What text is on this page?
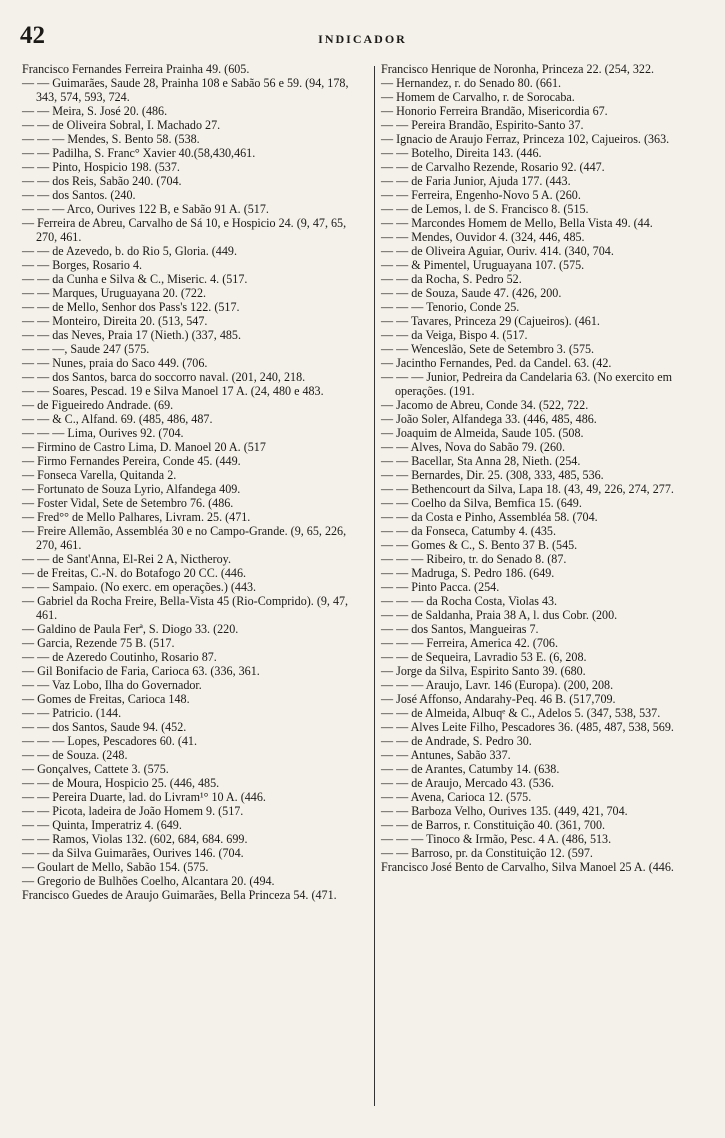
42	INDICADOR
Francisco Fernandes Ferreira Prainha 49. (605.
— — Guimarães, Saude 28, Prainha 108 e Sabão 56 e 59. (94, 178, 343, 574, 593, 724.
— — Meira, S. José 20. (486.
— — de Oliveira Sobral, I. Machado 27.
— — — Mendes, S. Bento 58. (538.
— — Padilha, S. Franc° Xavier 40.(58,430,461.
— — Pinto, Hospicio 198. (537.
— — dos Reis, Sabão 240. (704.
— — dos Santos. (240.
— — — Arco, Ourives 122 B, e Sabão 91 A. (517.
— Ferreira de Abreu, Carvalho de Sá 10, e Hospicio 24. (9, 47, 65, 270, 461.
— — de Azevedo, b. do Rio 5, Gloria. (449.
— — Borges, Rosario 4.
— — da Cunha e Silva & C., Miseric. 4. (517.
— — Marques, Uruguayana 20. (722.
— — de Mello, Senhor dos Pass's 122. (517.
— — Monteiro, Direita 20. (513, 547.
— — das Neves, Praia 17 (Nieth.) (337, 485.
— — —, Saude 247 (575.
— — Nunes, praia do Saco 449. (706.
— — dos Santos, barca do soccorro naval. (201, 240, 218.
— — Soares, Pescad. 19 e Silva Manoel 17 A. (24, 480 e 483.
— de Figueiredo Andrade. (69.
— — & C., Alfand. 69. (485, 486, 487.
— — — Lima, Ourives 92. (704.
— Firmino de Castro Lima, D. Manoel 20 A. (517
— Firmo Fernandes Pereira, Conde 45. (449.
— Fonseca Varella, Quitanda 2.
— Fortunato de Souza Lyrio, Alfandega 409.
— Foster Vidal, Sete de Setembro 76. (486.
— Fred°° de Mello Palhares, Livram. 25. (471.
— Freire Allemão, Assembléa 30 e no Campo-Grande. (9, 65, 226, 270, 461.
— — de Sant'Anna, El-Rei 2 A, Nictheroy.
— de Freitas, C.-N. do Botafogo 20 CC. (446.
— — Sampaio. (No exerc. em operações.) (443.
— Gabriel da Rocha Freire, Bella-Vista 45 (Rio-Comprido). (9, 47, 461.
— Galdino de Paula Ferª, S. Diogo 33. (220.
— Garcia, Rezende 75 B. (517.
— — de Azeredo Coutinho, Rosario 87.
— Gil Bonifacio de Faria, Carioca 63. (336, 361.
— — Vaz Lobo, Ilha do Governador.
— Gomes de Freitas, Carioca 148.
— — Patricio. (144.
— — dos Santos, Saude 94. (452.
— — — Lopes, Pescadores 60. (41.
— — de Souza. (248.
— Gonçalves, Cattete 3. (575.
— — de Moura, Hospicio 25. (446, 485.
— — Pereira Duarte, lad. do Livram¹° 10 A. (446.
— — Picota, ladeira de João Homem 9. (517.
— — Quinta, Imperatriz 4. (649.
— — Ramos, Violas 132. (602, 684, 684. 699.
— — da Silva Guimarães, Ourives 146. (704.
— Goulart de Mello, Sabão 154. (575.
— Gregorio de Bulhões Coelho, Alcantara 20. (494.
Francisco Guedes de Araujo Guimarães, Bella Princeza 54. (471.
Francisco Henrique de Noronha, Princeza 22. (254, 322.
— Hernandez, r. do Senado 80. (661.
— Homem de Carvalho, r. de Sorocaba.
— Honorio Ferreira Brandão, Misericordia 67.
— — Pereira Brandão, Espirito-Santo 37.
— Ignacio de Araujo Ferraz, Princeza 102, Cajueiros. (363.
— — Botelho, Direita 143. (446.
— — de Carvalho Rezende, Rosario 92. (447.
— — de Faria Junior, Ajuda 177. (443.
— — Ferreira, Engenho-Novo 5 A. (260.
— — de Lemos, l. de S. Francisco 8. (515.
— — Marcondes Homem de Mello, Bella Vista 49. (44.
— — Mendes, Ouvidor 4. (324, 446, 485.
— — de Oliveira Aguiar, Ouriv. 414. (340, 704.
— — & Pimentel, Uruguayana 107. (575.
— — da Rocha, S. Pedro 52.
— — de Souza, Saude 47. (426, 200.
— — — Tenorio, Conde 25.
— — Tavares, Princeza 29 (Cajueiros). (461.
— — da Veiga, Bispo 4. (517.
— — Wenceslão, Sete de Setembro 3. (575.
— Jacintho Fernandes, Ped. da Candel. 63. (42.
— — — Junior, Pedreira da Candelaria 63. (No exercito em operações. (191.
— Jacomo de Abreu, Conde 34. (522, 722.
— João Soler, Alfandega 33. (446, 485, 486.
— Joaquim de Almeida, Saude 105. (508.
— — Alves, Nova do Sabão 79. (260.
— — Bacellar, Sta Anna 28, Nieth. (254.
— — Bernardes, Dir. 25. (308, 333, 485, 536.
— — Bethencourt da Silva, Lapa 18. (43, 49, 226, 274, 277.
— — Coelho da Silva, Bemfica 15. (649.
— — da Costa e Pinho, Assembléa 58. (704.
— — da Fonseca, Catumby 4. (435.
— — Gomes & C., S. Bento 37 B. (545.
— — — Ribeiro, tr. do Senado 8. (87.
— — Madruga, S. Pedro 186. (649.
— — Pinto Pacca. (254.
— — — da Rocha Costa, Violas 43.
— — de Saldanha, Praia 38 A, l. dus Cobr. (200.
— — dos Santos, Mangueiras 7.
— — — Ferreira, America 42. (706.
— — de Sequeira, Lavradio 53 E. (6, 208.
— Jorge da Silva, Espirito Santo 39. (680.
— — — Araujo, Lavr. 146 (Europa). (200, 208.
— José Affonso, Andarahy-Peq. 46 B. (517,709.
— — de Almeida, Albuqᵉ & C., Adelos 5. (347, 538, 537.
— — Alves Leite Filho, Pescadores 36. (485, 487, 538, 569.
— — de Andrade, S. Pedro 30.
— — Antunes, Sabão 337.
— — de Arantes, Catumby 14. (638.
— — de Araujo, Mercado 43. (536.
— — Avena, Carioca 12. (575.
— — Barboza Velho, Ourives 135. (449, 421, 704.
— — de Barros, r. Constituição 40. (361, 700.
— — — Tinoco & Irmão, Pesc. 4 A. (486, 513.
— — Barroso, pr. da Constituição 12. (597.
Francisco José Bento de Carvalho, Silva Manoel 25 A. (446.
